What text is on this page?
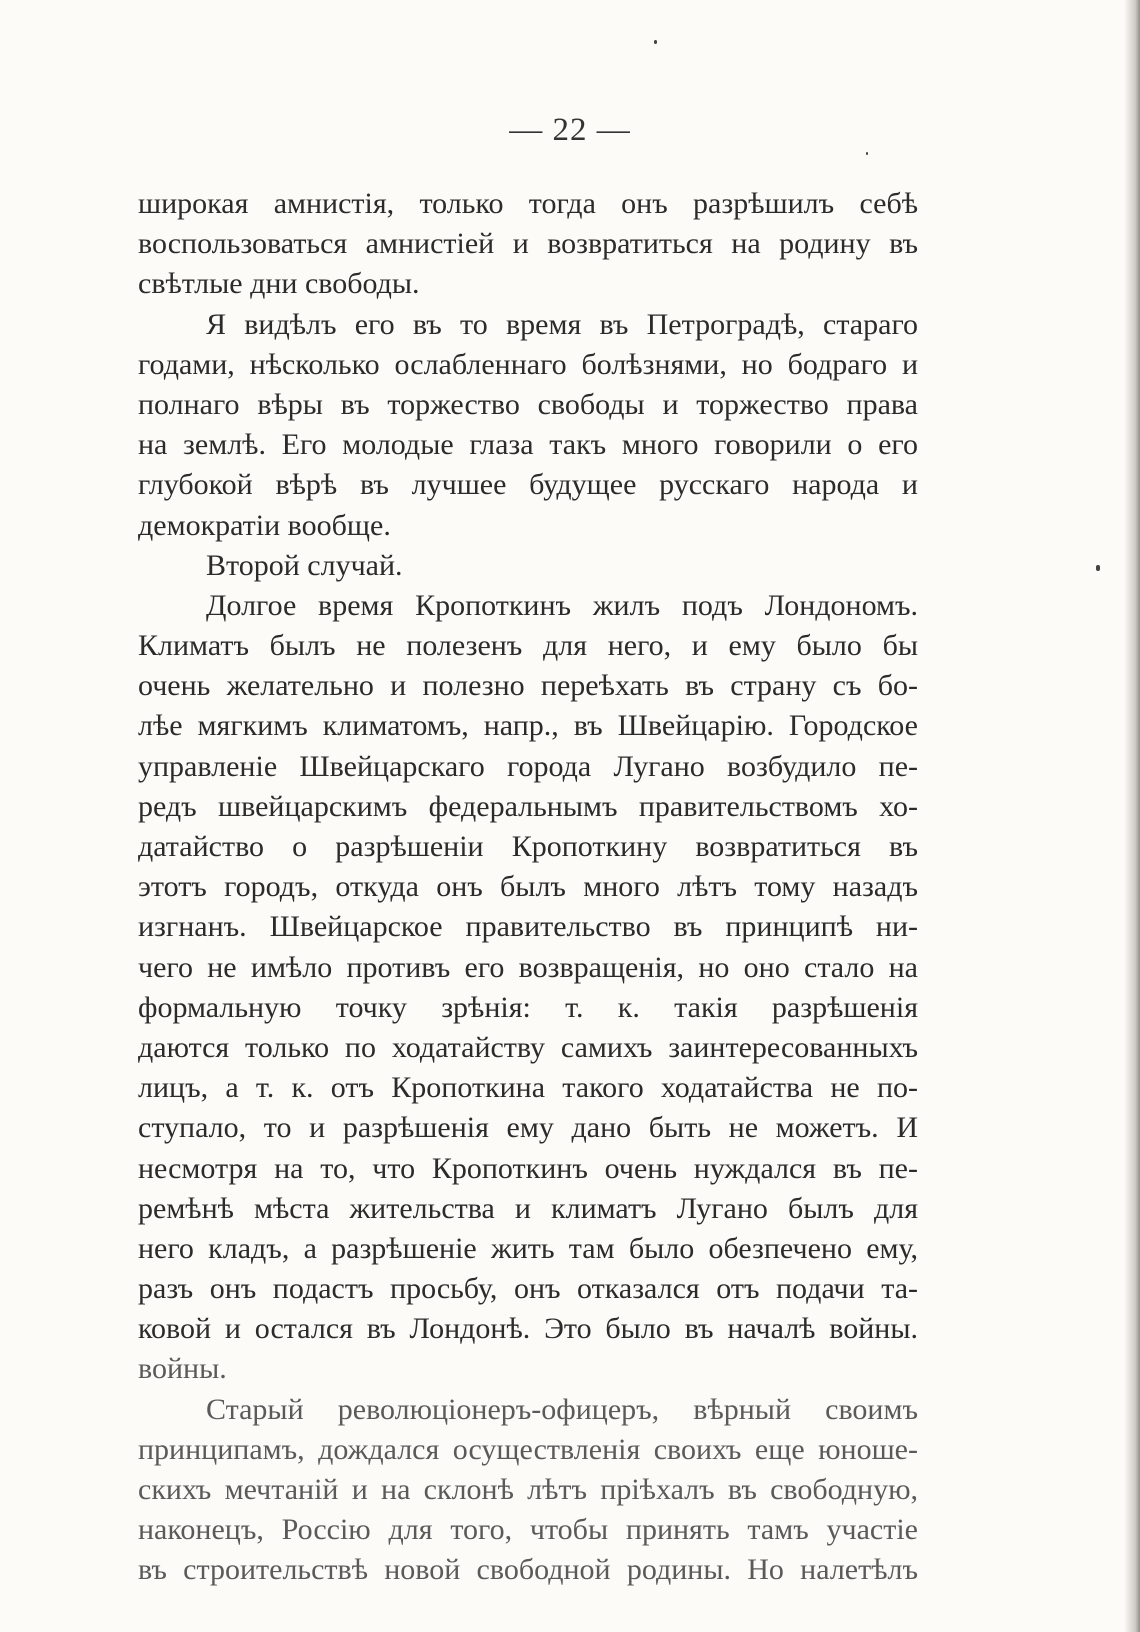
— 22 —
широкая амнистія, только тогда онъ разрѣшилъ себѣ
воспользоваться амнистіей и возвратиться на родину въ
свѣтлые дни свободы.
Я видѣлъ его въ то время въ Петроградѣ, стараго
годами, нѣсколько ослабленнаго болѣзнями, но бодраго и
полнаго вѣры въ торжество свободы и торжество права
на землѣ. Его молодые глаза такъ много говорили о его
глубокой вѣрѣ въ лучшее будущее русскаго народа и
демократіи вообще.
Второй случай.
Долгое время Кропоткинъ жилъ подъ Лондономъ.
Климатъ былъ не полезенъ для него, и ему было бы
очень желательно и полезно переѣхать въ страну съ бо-
лѣе мягкимъ климатомъ, напр., въ Швейцарію. Городское
управленіе Швейцарскаго города Лугано возбудило пе-
редъ швейцарскимъ федеральнымъ правительствомъ хо-
датайство о разрѣшеніи Кропоткину возвратиться въ
этотъ городъ, откуда онъ былъ много лѣтъ тому назадъ
изгнанъ. Швейцарское правительство въ принципѣ ни-
чего не имѣло противъ его возвращенія, но оно стало на
формальную точку зрѣнія: т. к. такія разрѣшенія
даются только по ходатайству самихъ заинтересованныхъ
лицъ, а т. к. отъ Кропоткина такого ходатайства не по-
ступало, то и разрѣшенія ему дано быть не можетъ. И
несмотря на то, что Кропоткинъ очень нуждался въ пе-
ремѣнѣ мѣста жительства и климатъ Лугано былъ для
него кладъ, а разрѣшеніе жить там было обезпечено ему,
разъ онъ подастъ просьбу, онъ отказался отъ подачи та-
ковой и остался въ Лондонѣ. Это было въ началѣ войны.
войны.
Старый революціонеръ-офицеръ, вѣрный своимъ
принципамъ, дождался осуществленія своихъ еще юноше-
скихъ мечтаній и на склонѣ лѣтъ пріѣхалъ въ свободную,
наконецъ, Россію для того, чтобы принять тамъ участіе
въ строительствѣ новой свободной родины. Но налетѣлъ
